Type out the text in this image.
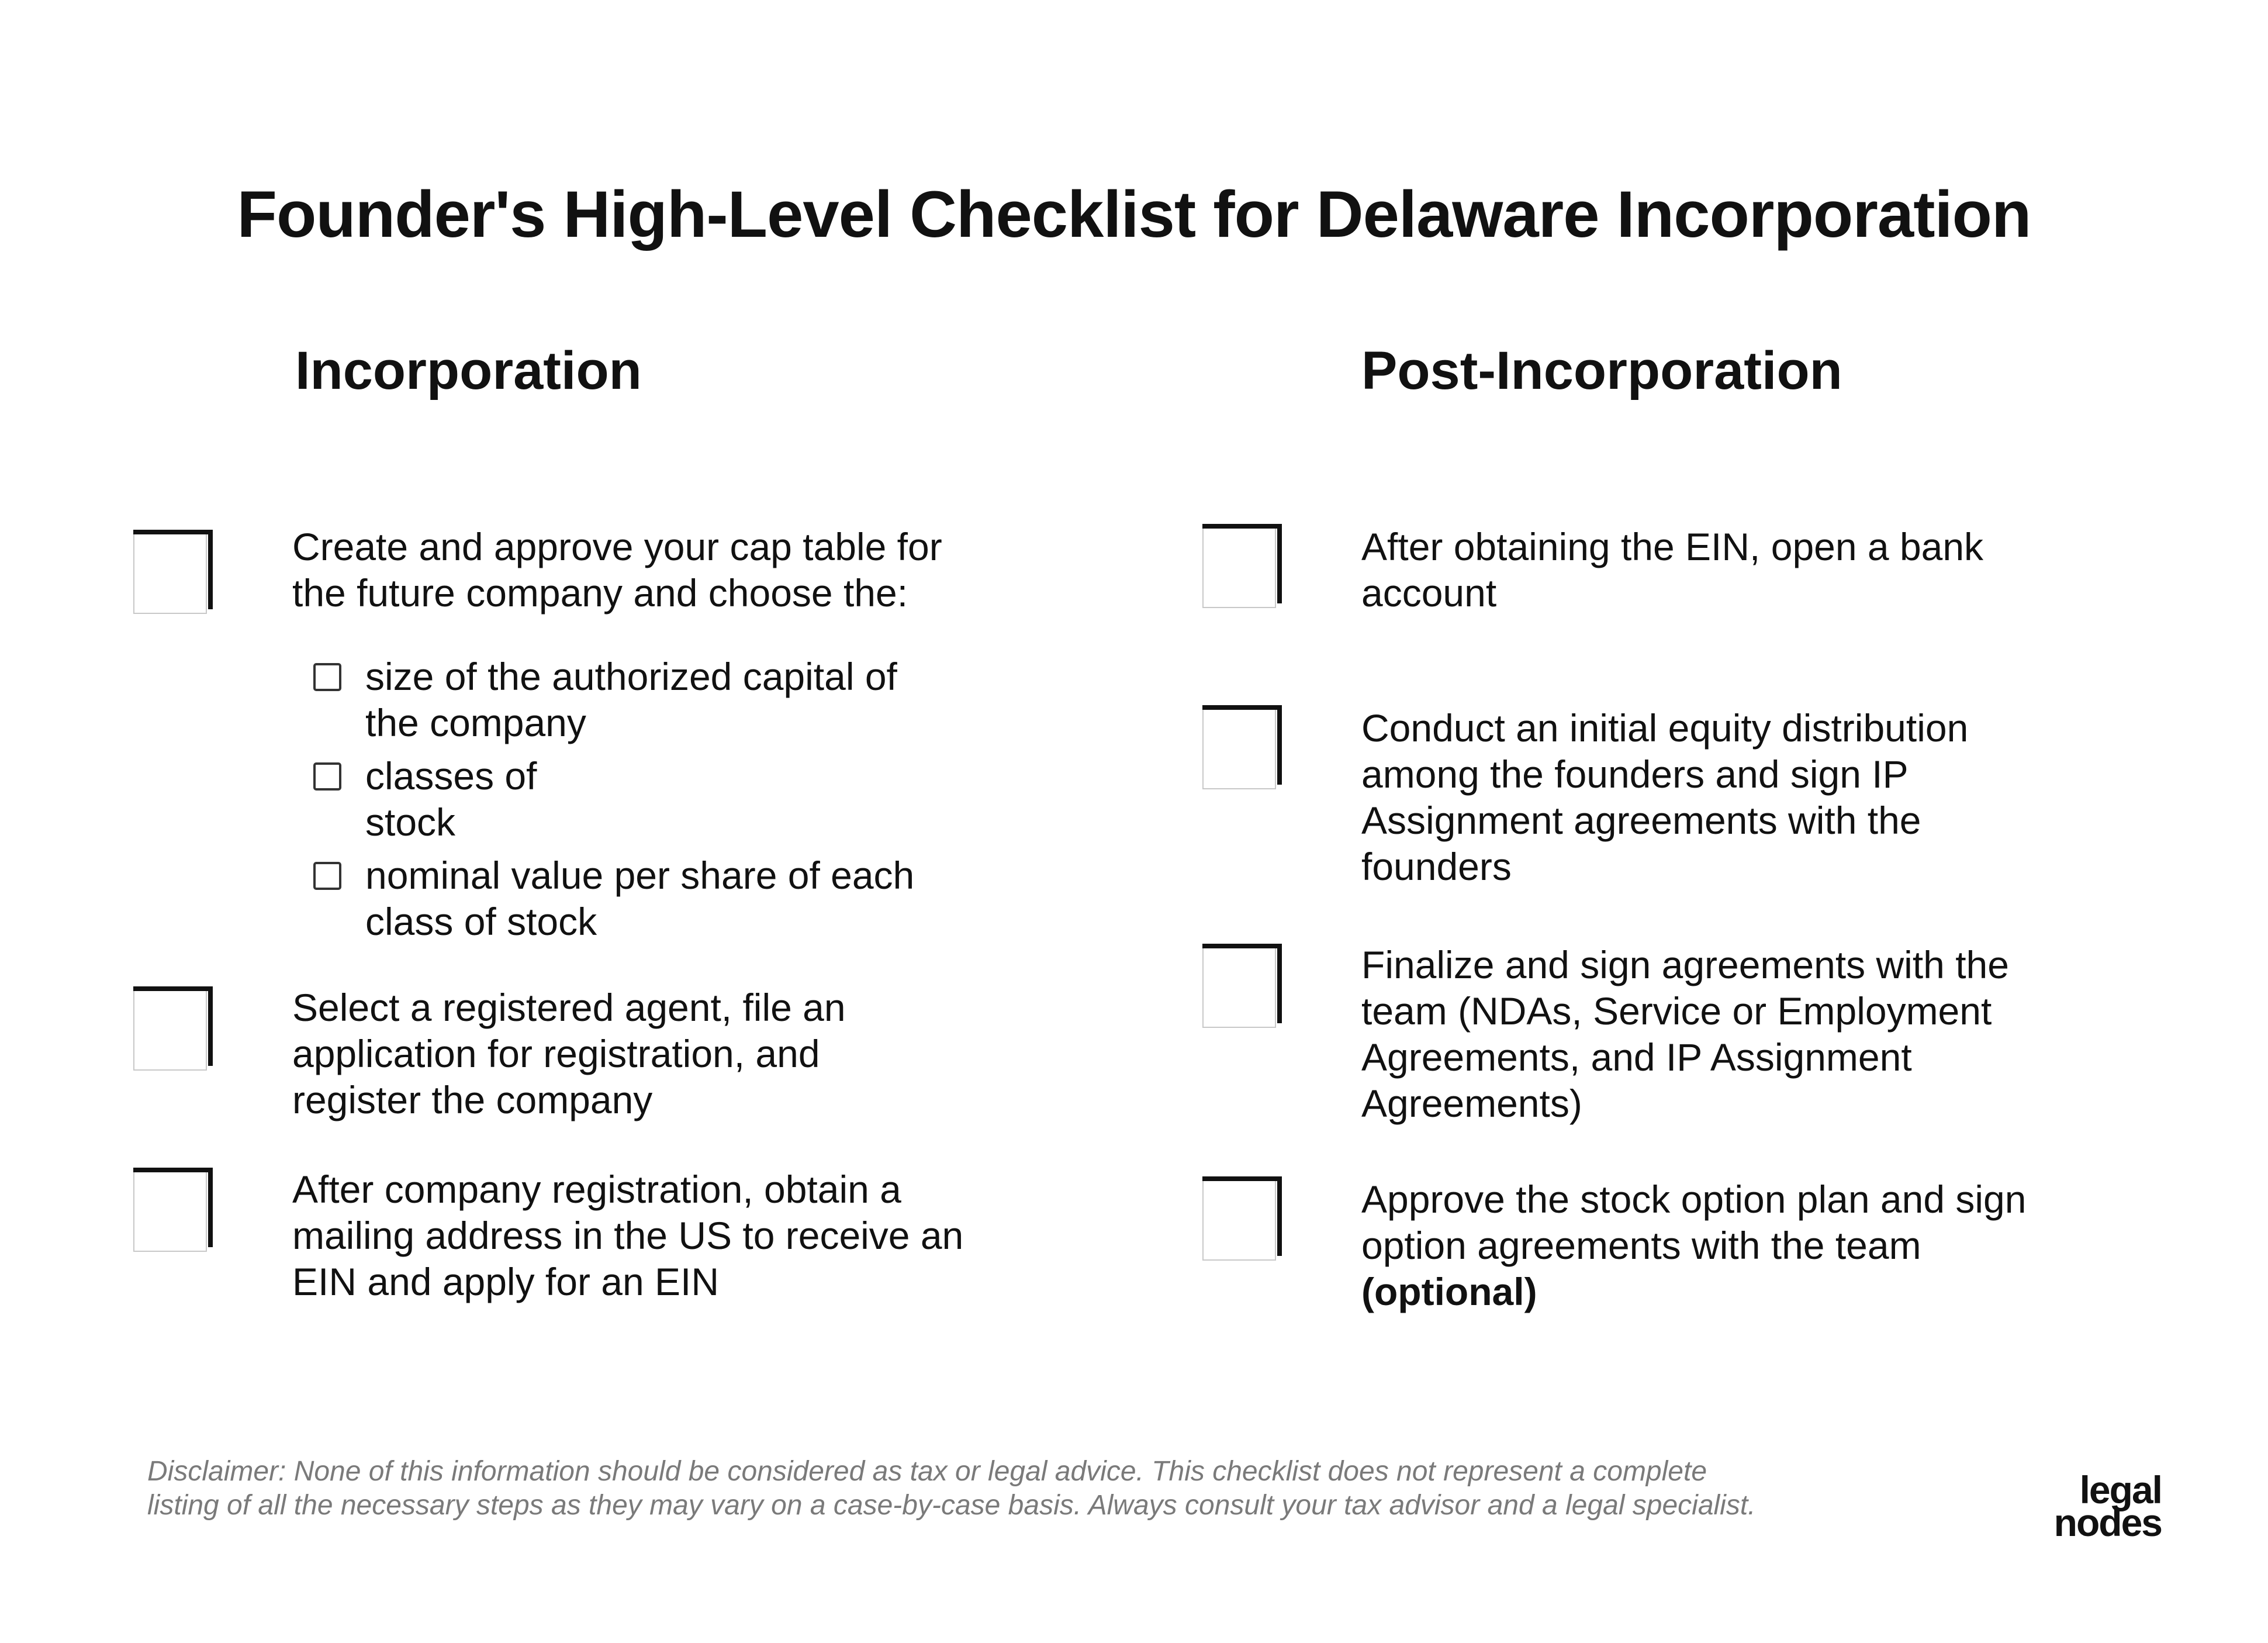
Founder's High-Level Checklist for Delaware Incorporation
Incorporation
Create and approve your cap table for
the future company and choose the:
size of the authorized capital of
the company
classes of
stock
nominal value per share of each
class of stock
Select a registered agent, file an
application for registration, and
register the company
After company registration, obtain a
mailing address in the US to receive an
EIN and apply for an EIN
Post-Incorporation
After obtaining the EIN, open a bank
account
Conduct an initial equity distribution
among the founders and sign IP
Assignment agreements with the
founders
Finalize and sign agreements with the
team (NDAs, Service or Employment
Agreements, and IP Assignment
Agreements)
Approve the stock option plan and sign
option agreements with the team
(optional)
Disclaimer: None of this information should be considered as tax or legal advice. This checklist does not represent a complete
listing of all the necessary steps as they may vary on a case-by-case basis. Always consult your tax advisor and a legal specialist.	legal
nodes
